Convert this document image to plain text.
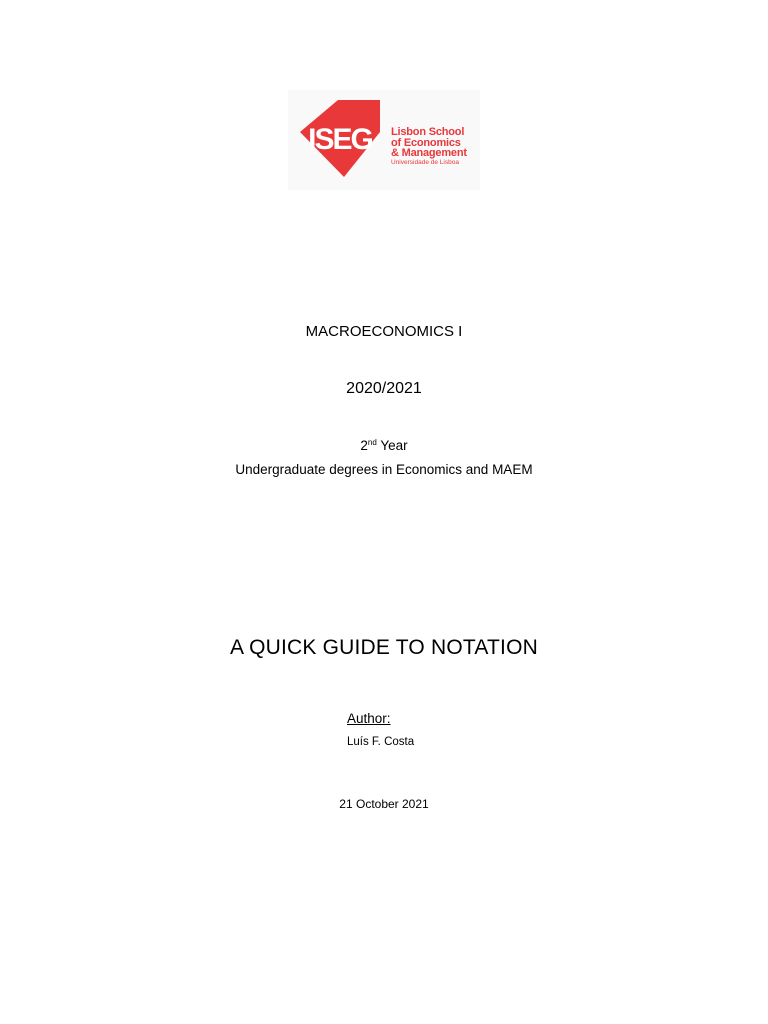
ISEG Lisbon School
of Economics
& Management
Universidade de Lisboa
MACROECONOMICS I
2020/2021
2nd Year
Undergraduate degrees in Economics and MAEM
A QUICK GUIDE TO NOTATION
Author:
Luís F. Costa
21 October 2021
